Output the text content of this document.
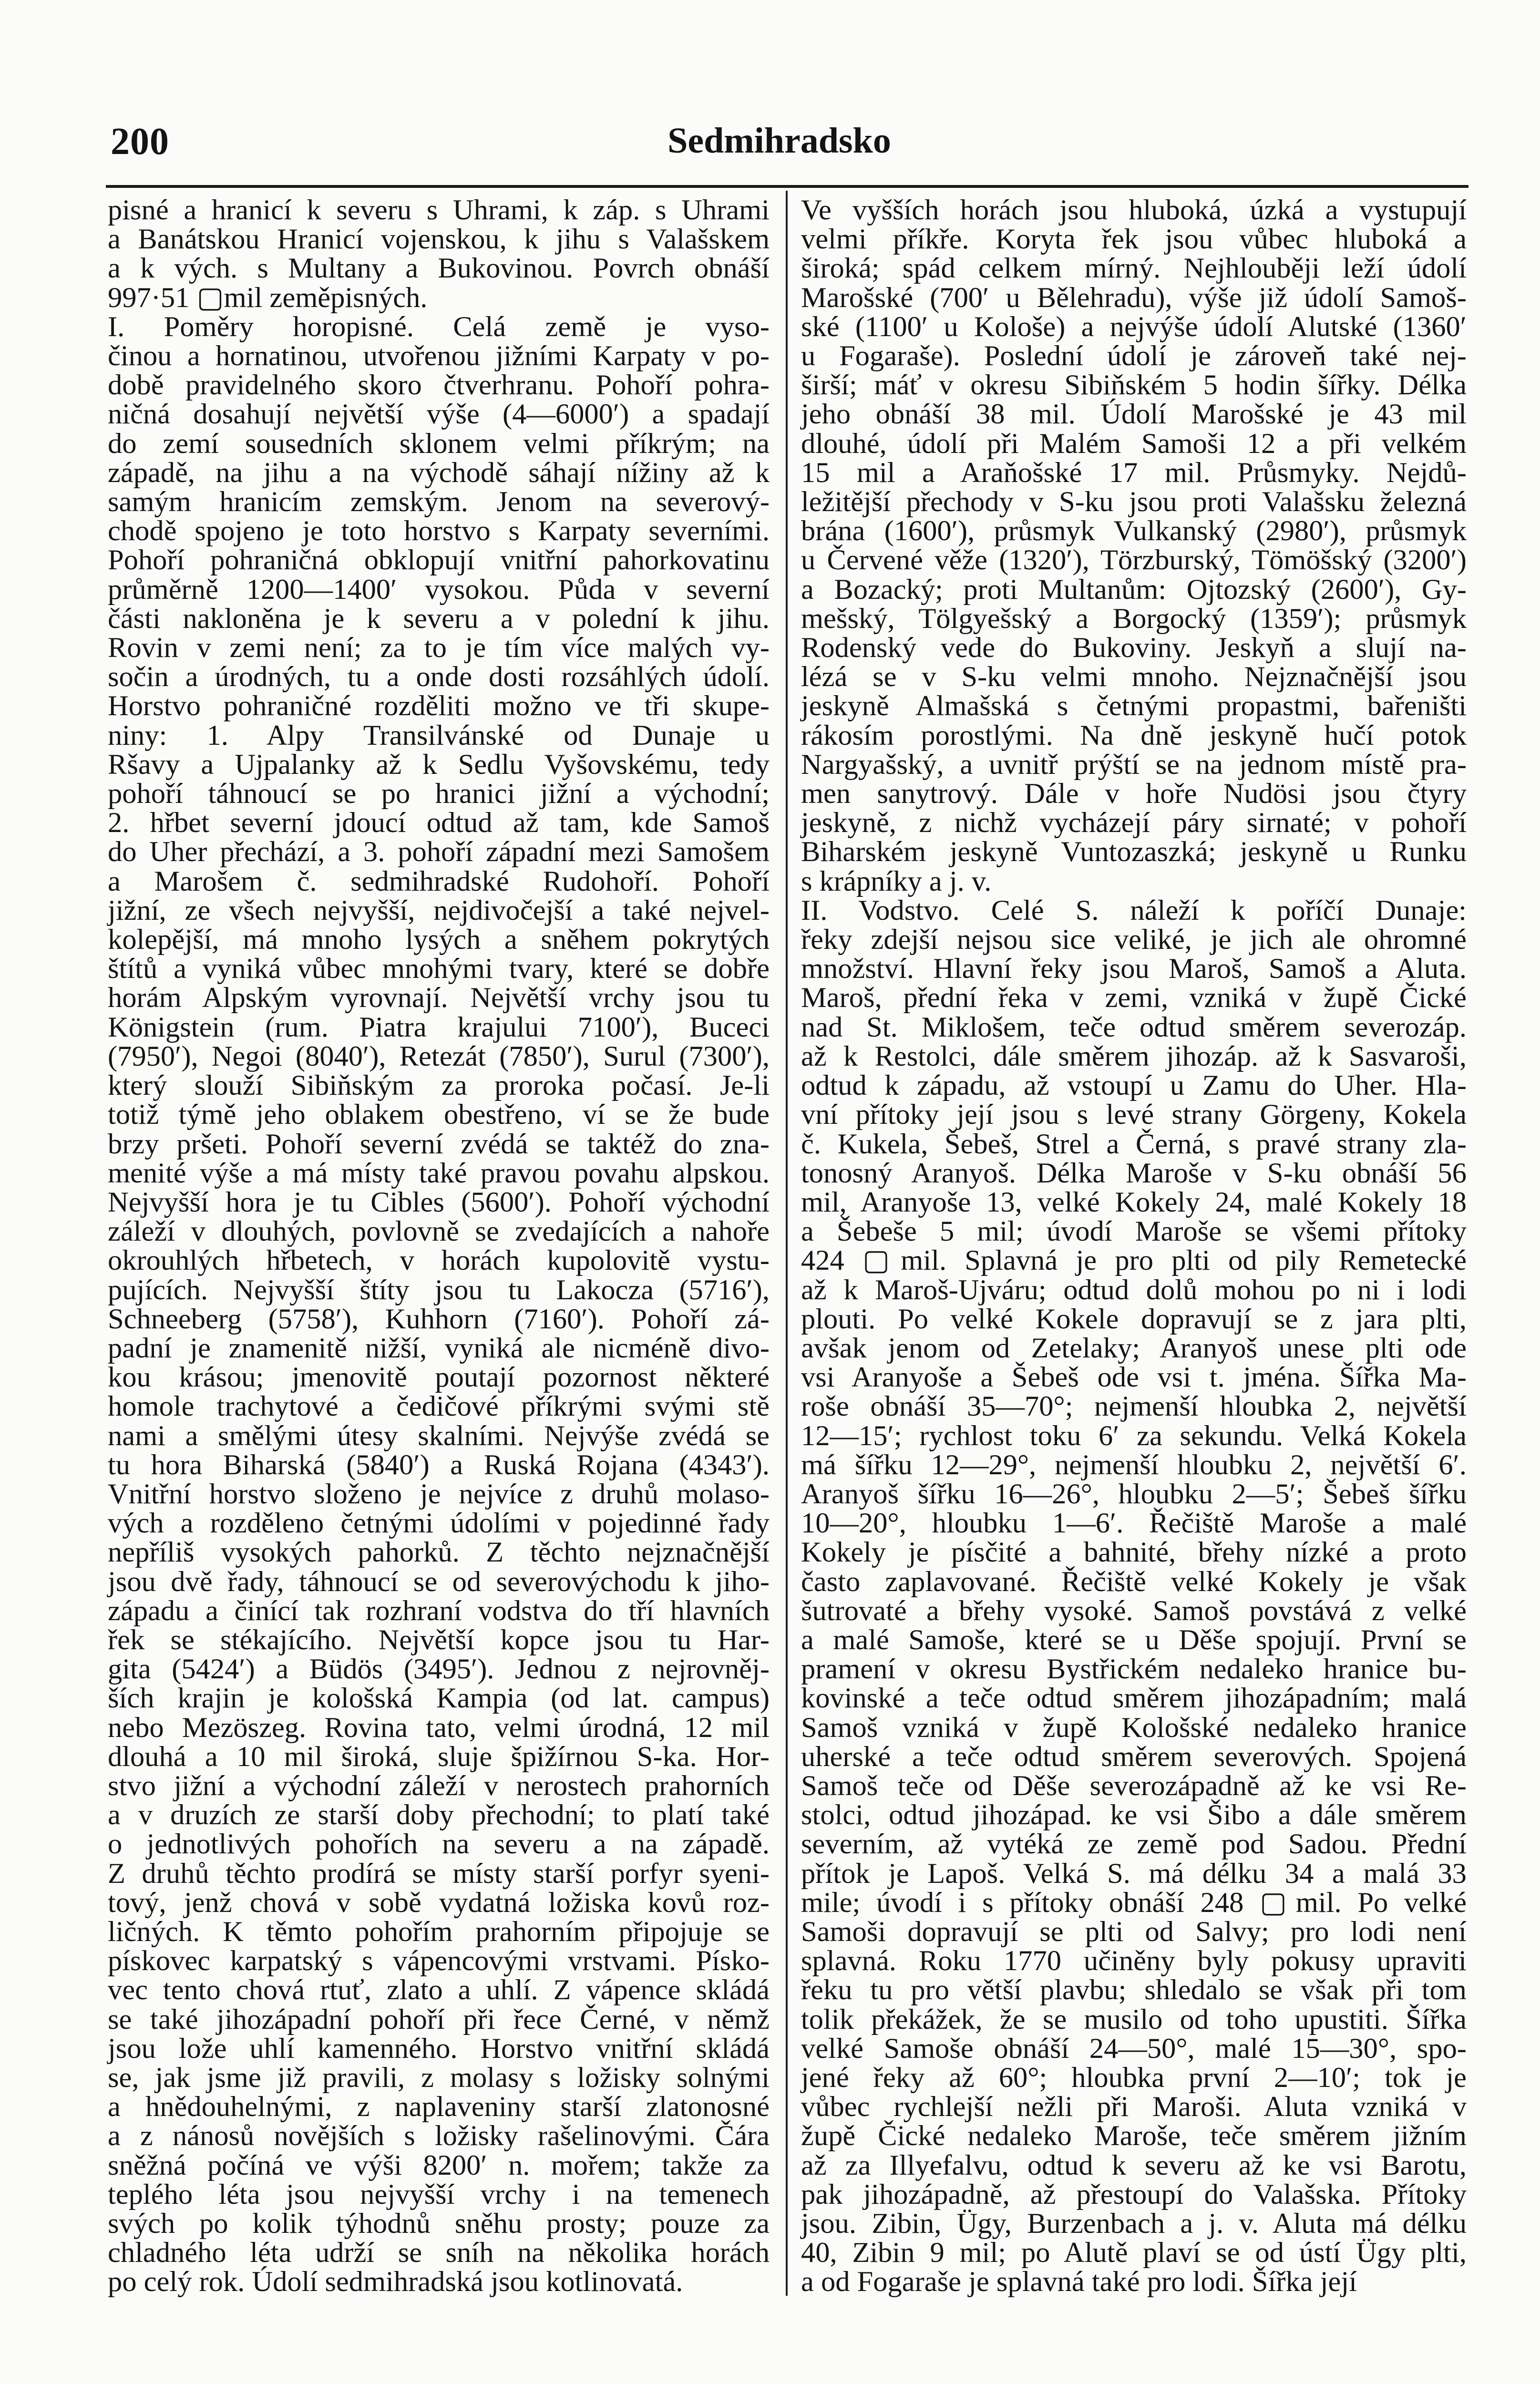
200	Sedmihradsko

pisné a hranicí k severu s Uhrami, k záp. s Uhrami

a Banátskou Hranicí vojenskou, k jihu s Valašskem

a k vých. s Multany a Bukovinou. Povrch obnáší

997·51 ▢mil zeměpisných.

I. Poměry horopisné. Celá země je vyso-

činou a hornatinou, utvořenou jižními Karpaty v po-

době pravidelného skoro čtverhranu. Pohoří pohra-

ničná dosahují největší výše (4—6000′) a spadají

do zemí sousedních sklonem velmi příkrým; na

západě, na jihu a na východě sáhají nížiny až k

samým hranicím zemským. Jenom na severový-

chodě spojeno je toto horstvo s Karpaty severními.

Pohoří pohraničná obklopují vnitřní pahorkovatinu

průměrně 1200—1400′ vysokou. Půda v severní

části nakloněna je k severu a v polední k jihu.

Rovin v zemi není; za to je tím více malých vy-

sočin a úrodných, tu a onde dosti rozsáhlých údolí.

Horstvo pohraničné rozděliti možno ve tři skupe-

niny: 1. Alpy Transilvánské od Dunaje u

Ršavy a Ujpalanky až k Sedlu Vyšovskému, tedy

pohoří táhnoucí se po hranici jižní a východní;

2. hřbet severní jdoucí odtud až tam, kde Samoš

do Uher přechází, a 3. pohoří západní mezi Samošem

a Marošem č. sedmihradské Rudohoří. Pohoří

jižní, ze všech nejvyšší, nejdivočejší a také nejvel-

kolepější, má mnoho lysých a sněhem pokrytých

štítů a vyniká vůbec mnohými tvary, které se dobře

horám Alpským vyrovnají. Největší vrchy jsou tu

Königstein (rum. Piatra krajului 7100′), Buceci

(7950′), Negoi (8040′), Retezát (7850′), Surul (7300′),

který slouží Sibiňským za proroka počasí. Je-li

totiž týmě jeho oblakem obestřeno, ví se že bude

brzy pršeti. Pohoří severní zvédá se taktéž do zna-

menité výše a má místy také pravou povahu alpskou.

Nejvyšší hora je tu Cibles (5600′). Pohoří východní

záleží v dlouhých, povlovně se zvedajících a nahoře

okrouhlých hřbetech, v horách kupolovitě vystu-

pujících. Nejvyšší štíty jsou tu Lakocza (5716′),

Schneeberg (5758′), Kuhhorn (7160′). Pohoří zá-

padní je znamenitě nižší, vyniká ale nicméně divo-

kou krásou; jmenovitě poutají pozornost některé

homole trachytové a čedičové příkrými svými stě

nami a smělými útesy skalními. Nejvýše zvédá se

tu hora Biharská (5840′) a Ruská Rojana (4343′).

Vnitřní horstvo složeno je nejvíce z druhů molaso-

vých a rozděleno četnými údolími v pojedinné řady

nepříliš vysokých pahorků. Z těchto nejznačnější

jsou dvě řady, táhnoucí se od severovýchodu k jiho-

západu a činící tak rozhraní vodstva do tří hlavních

řek se stékajícího. Největší kopce jsou tu Har-

gita (5424′) a Büdös (3495′). Jednou z nejrovněj-

ších krajin je kološská Kampia (od lat. campus)

nebo Mezöszeg. Rovina tato, velmi úrodná, 12 mil

dlouhá a 10 mil široká, sluje špižírnou S-ka. Hor-

stvo jižní a východní záleží v nerostech prahorních

a v druzích ze starší doby přechodní; to platí také

o jednotlivých pohořích na severu a na západě.

Z druhů těchto prodírá se místy starší porfyr syeni-

tový, jenž chová v sobě vydatná ložiska kovů roz-

ličných. K těmto pohořím prahorním připojuje se

pískovec karpatský s vápencovými vrstvami. Písko-

vec tento chová rtuť, zlato a uhlí. Z vápence skládá

se také jihozápadní pohoří při řece Černé, v němž

jsou lože uhlí kamenného. Horstvo vnitřní skládá

se, jak jsme již pravili, z molasy s ložisky solnými

a hnědouhelnými, z naplaveniny starší zlatonosné

a z nánosů novějších s ložisky rašelinovými. Čára

sněžná počíná ve výši 8200′ n. mořem; takže za

teplého léta jsou nejvyšší vrchy i na temenech

svých po kolik týhodnů sněhu prosty; pouze za

chladného léta udrží se sníh na několika horách

po celý rok. Údolí sedmihradská jsou kotlinovatá.

Ve vyšších horách jsou hluboká, úzká a vystupují

velmi příkře. Koryta řek jsou vůbec hluboká a

široká; spád celkem mírný. Nejhlouběji leží údolí

Marošské (700′ u Bělehradu), výše již údolí Samoš-

ské (1100′ u Kološe) a nejvýše údolí Alutské (1360′

u Fogaraše). Poslední údolí je zároveň také nej-

širší; máť v okresu Sibiňském 5 hodin šířky. Délka

jeho obnáší 38 mil. Údolí Marošské je 43 mil

dlouhé, údolí při Malém Samoši 12 a při velkém

15 mil a Araňošské 17 mil. Průsmyky. Nejdů-

ležitější přechody v S-ku jsou proti Valašsku železná

brána (1600′), průsmyk Vulkanský (2980′), průsmyk

u Červené věže (1320′), Törzburský, Tömöšský (3200′)

a Bozacký; proti Multanům: Ojtozský (2600′), Gy-

mešský, Tölgyešský a Borgocký (1359′); průsmyk

Rodenský vede do Bukoviny. Jeskyň a slují na-

lézá se v S-ku velmi mnoho. Nejznačnější jsou

jeskyně Almašská s četnými propastmi, bařeništi

rákosím porostlými. Na dně jeskyně hučí potok

Nargyašský, a uvnitř prýští se na jednom místě pra-

men sanytrový. Dále v hoře Nudösi jsou čtyry

jeskyně, z nichž vycházejí páry sirnaté; v pohoří

Biharském jeskyně Vuntozaszká; jeskyně u Runku

s krápníky a j. v.

II. Vodstvo. Celé S. náleží k poříčí Dunaje:

řeky zdejší nejsou sice veliké, je jich ale ohromné

množství. Hlavní řeky jsou Maroš, Samoš a Aluta.

Maroš, přední řeka v zemi, vzniká v župě Čické

nad St. Miklošem, teče odtud směrem severozáp.

až k Restolci, dále směrem jihozáp. až k Sasvaroši,

odtud k západu, až vstoupí u Zamu do Uher. Hla-

vní přítoky její jsou s levé strany Görgeny, Kokela

č. Kukela, Šebeš, Strel a Černá, s pravé strany zla-

tonosný Aranyoš. Délka Maroše v S-ku obnáší 56

mil, Aranyoše 13, velké Kokely 24, malé Kokely 18

a Šebeše 5 mil; úvodí Maroše se všemi přítoky

424 ▢mil. Splavná je pro plti od pily Remetecké

až k Maroš-Ujváru; odtud dolů mohou po ni i lodi

plouti. Po velké Kokele dopravují se z jara plti,

avšak jenom od Zetelaky; Aranyoš unese plti ode

vsi Aranyoše a Šebeš ode vsi t. jména. Šířka Ma-

roše obnáší 35—70°; nejmenší hloubka 2, největší

12—15′; rychlost toku 6′ za sekundu. Velká Kokela

má šířku 12—29°, nejmenší hloubku 2, největší 6′.

Aranyoš šířku 16—26°, hloubku 2—5′; Šebeš šířku

10—20°, hloubku 1—6′. Řečiště Maroše a malé

Kokely je písčité a bahnité, břehy nízké a proto

často zaplavované. Řečiště velké Kokely je však

šutrovaté a břehy vysoké. Samoš povstává z velké

a malé Samoše, které se u Děše spojují. První se

pramení v okresu Bystřickém nedaleko hranice bu-

kovinské a teče odtud směrem jihozápadním; malá

Samoš vzniká v župě Kološské nedaleko hranice

uherské a teče odtud směrem severových. Spojená

Samoš teče od Děše severozápadně až ke vsi Re-

stolci, odtud jihozápad. ke vsi Šibo a dále směrem

severním, až vytéká ze země pod Sadou. Přední

přítok je Lapoš. Velká S. má délku 34 a malá 33

mile; úvodí i s přítoky obnáší 248 ▢mil. Po velké

Samoši dopravují se plti od Salvy; pro lodi není

splavná. Roku 1770 učiněny byly pokusy upraviti

řeku tu pro větší plavbu; shledalo se však při tom

tolik překážek, že se musilo od toho upustiti. Šířka

velké Samoše obnáší 24—50°, malé 15—30°, spo-

jené řeky až 60°; hloubka první 2—10′; tok je

vůbec rychlejší nežli při Maroši. Aluta vzniká v

župě Čické nedaleko Maroše, teče směrem jižním

až za Illyefalvu, odtud k severu až ke vsi Barotu,

pak jihozápadně, až přestoupí do Valašska. Přítoky

jsou. Zibin, Ügy, Burzenbach a j. v. Aluta má délku

40, Zibin 9 mil; po Alutě plaví se od ústí Ügy plti,

a od Fogaraše je splavná také pro lodi. Šířka její
